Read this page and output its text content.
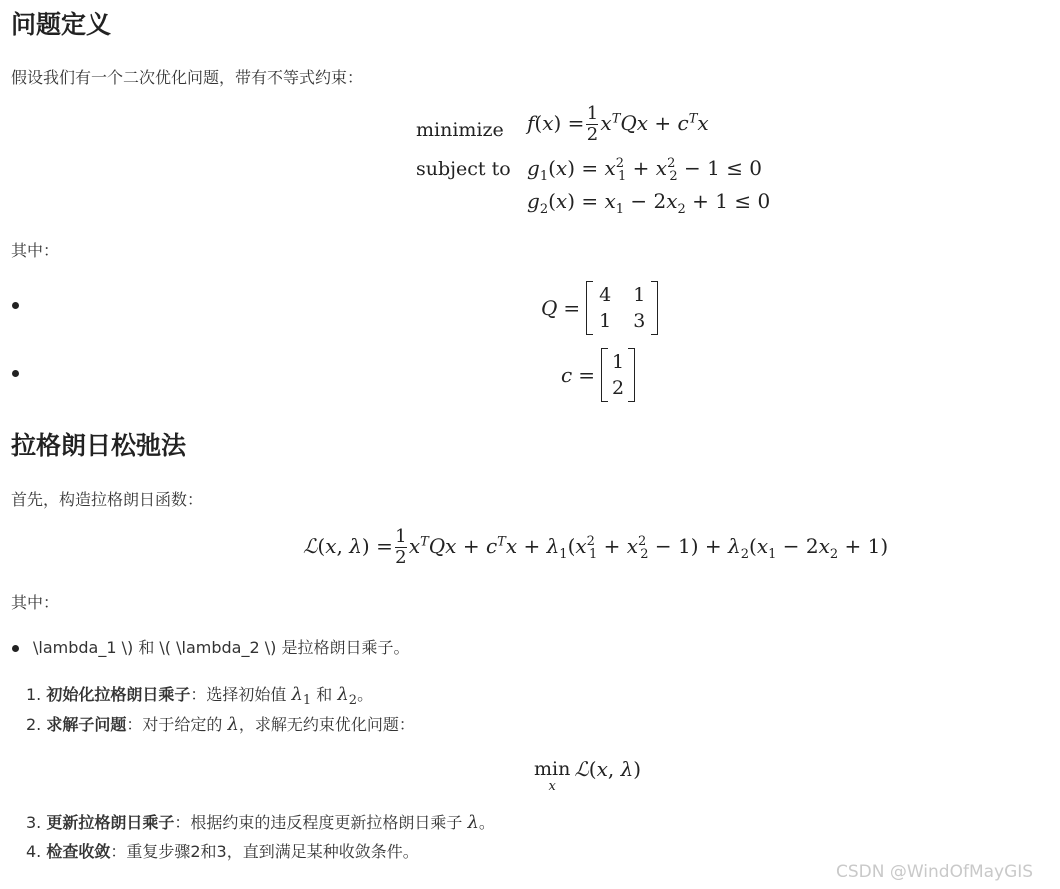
问题定义
假设我们有一个二次优化问题，带有不等式约束：
minimize $f(x) = \frac{1}{2} x^TQx + c^Tx$
subject to $g_1(x) = x^2_1 + x^2_2 - 1 \le 0$
$g_2(x) = x_1 - 2x_2 + 1 \le 0$
其中：
Q =
4 1
1 3
c =
1
2
拉格朗日松弛法
首先，构造拉格朗日函数：
ℒ(x, $\lambda) = \frac{1}{2} x^TQx + c^Tx + \lambda_1(x^2_1 + x^2_2 - 1) + \lambda_2(x_1 - 2x_2 + 1)$
其中：
\lambda_1 \) 和 \( \lambda_2 \) 是拉格朗日乘子。
1. 初始化拉格朗日乘子：选择初始值 $\lambda_1$ 和 $\lambda_2$。
2. 求解子问题：对于给定的 λ，求解无约束优化问题：
min
x
ℒ(x, λ)
3. 更新拉格朗日乘子：根据约束的违反程度更新拉格朗日乘子 λ。
4. 检查收敛：重复步骤2和3，直到满足某种收敛条件。
CSDN @WindOfMayGIS
